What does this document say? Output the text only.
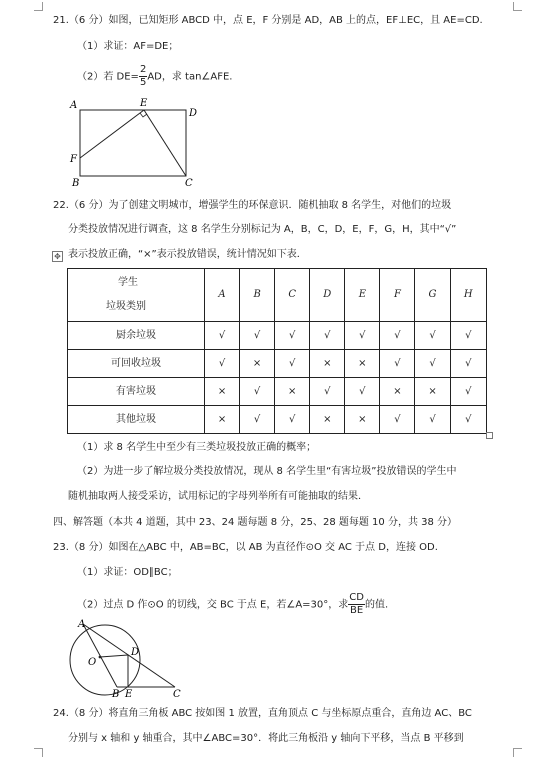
21.（6 分）如图，已知矩形 ABCD 中，点 E，F 分别是 AD，AB 上的点，EF⊥EC，且 AE=CD.
（1）求证：AF=DE；
（2）若 $DE= \frac{2}{5}$ AD，求 tan∠AFE.
A	E
D
F
B	C
22.（6 分）为了创建文明城市，增强学生的环保意识．随机抽取 8 名学生，对他们的垃圾
分类投放情况进行调查，这 8 名学生分别标记为 A，B，C，D，E，F，G，H，其中“√”
✥ 表示投放正确，“×”表示投放错误，统计情况如下表．
学生
垃圾类别	A	B	C	D	E	F	G	H
厨余垃圾	√	√	√	√	√	√	√	√
可回收垃圾	√	×	√	×	×	√	√	√
有害垃圾	×	√	×	√	√	×	×	√
其他垃圾	×	√	√	×	×	√	√	√
（1）求 8 名学生中至少有三类垃圾投放正确的概率；
（2）为进一步了解垃圾分类投放情况，现从 8 名学生里“有害垃圾”投放错误的学生中
随机抽取两人接受采访，试用标记的字母列举所有可能抽取的结果．
四、解答题（本共 4 道题，其中 23、24 题每题 8 分，25、28 题每题 10 分，共 38 分）
23.（8 分）如图在△ABC 中，AB=BC，以 AB 为直径作⊙O 交 AC 于点 D，连接 OD.
（1）求证：OD∥BC；
（2）过点 D 作⊙O 的切线，交 BC 于点 E，若∠A=30°，求 $\frac{CD}{BE}$ 的值.
A
O
D
B E	C
24.（8 分）将直角三角板 ABC 按如图 1 放置，直角顶点 C 与坐标原点重合，直角边 AC、BC
分别与 x 轴和 y 轴重合，其中∠ABC=30°．将此三角板沿 y 轴向下平移，当点 B 平移到
